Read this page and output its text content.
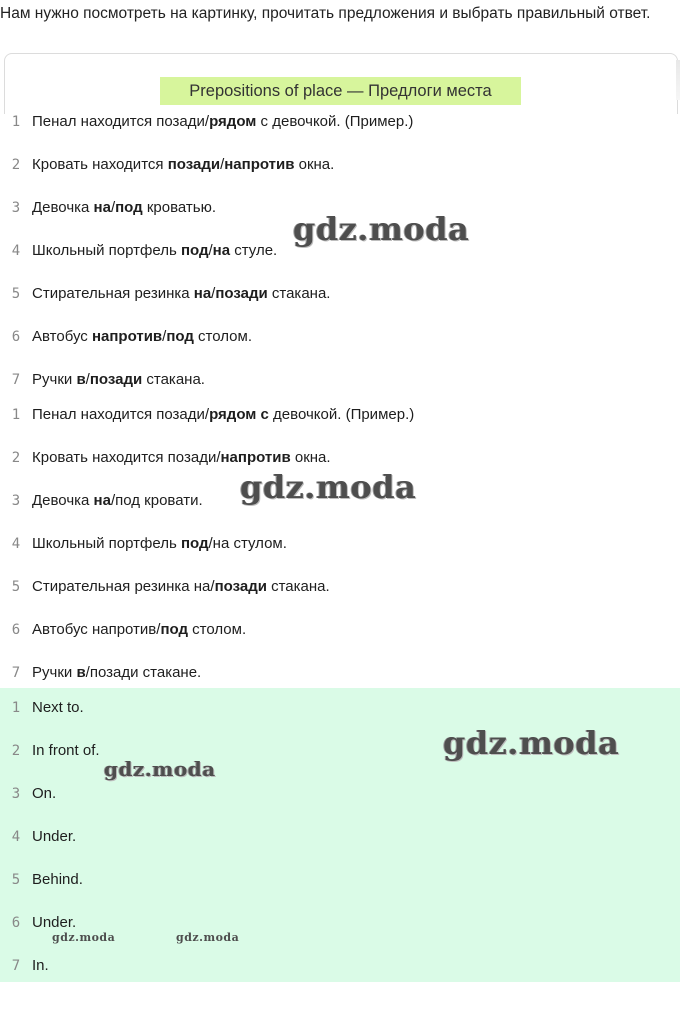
Нам нужно посмотреть на картинку, прочитать предложения и выбрать правильный ответ.
Prepositions of place — Предлоги места
1 Пенал находится позади/рядом с девочкой. (Пример.)
2 Кровать находится позади/напротив окна.
3 Девочка на/под кроватью.
4 Школьный портфель под/на стуле.
5 Стирательная резинка на/позади стакана.
6 Автобус напротив/под столом.
7 Ручки в/позади стакана.
1 Пенал находится позади/рядом с девочкой. (Пример.)
2 Кровать находится позади/напротив окна.
3 Девочка на/под кровати.
4 Школьный портфель под/на стулом.
5 Стирательная резинка на/позади стакана.
6 Автобус напротив/под столом.
7 Ручки в/позади стакане.
1 Next to.
2 In front of.
3 On.
4 Under.
5 Behind.
6 Under.
7 In.
gdz.moda
gdz.moda
gdz.moda
gdz.moda
gdz.moda	gdz.moda
